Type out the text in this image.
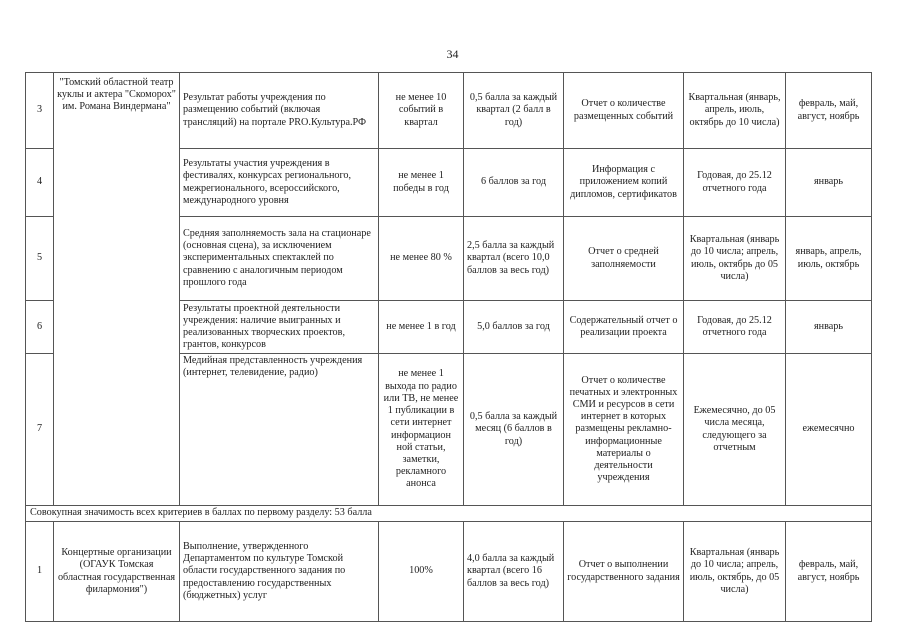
34
3	"Томский областной театр куклы и актера "Скоморох" им. Романа Виндермана"	Результат работы учреждения по размещению событий (включая трансляций) на портале PRO.Культура.РФ	не менее 10 событий в квартал	0,5 балла за каждый квартал (2 балл в год)	Отчет о количестве размещенных событий	Квартальная (январь, апрель, июль, октябрь до 10 числа)	февраль, май, август, ноябрь
4		Результаты участия учреждения в фестивалях, конкурсах регионального, межрегионального, всероссийского, международного уровня	не менее 1 победы в год	6 баллов за год	Информация с приложением копий дипломов, сертификатов	Годовая, до 25.12 отчетного года	январь
5		Средняя заполняемость зала на стационаре (основная сцена), за исключением экспериментальных спектаклей по сравнению с аналогичным периодом прошлого года	не менее 80 %	2,5 балла за каждый квартал (всего 10,0 баллов за весь год)	Отчет о средней заполняемости	Квартальная (январь до 10 числа; апрель, июль, октябрь до 05 числа)	январь, апрель, июль, октябрь
6		Результаты проектной деятельности учреждения: наличие выигранных и реализованных творческих проектов, грантов, конкурсов	не менее 1 в год	5,0 баллов за год	Содержательный отчет о реализации проекта	Годовая, до 25.12 отчетного года	январь
7		Медийная представленность учреждения (интернет, телевидение, радио)	не менее 1 выхода по радио или ТВ, не менее 1 публикации в сети интернет информацион ной статьи, заметки, рекламного анонса	0,5 балла за каждый месяц (6 баллов в год)	Отчет о количестве печатных и электронных СМИ и ресурсов в сети интернет в которых размещены рекламно-информационные материалы о деятельности учреждения	Ежемесячно, до 05 числа месяца, следующего за отчетным	ежемесячно
Совокупная значимость всех критериев в баллах по первому разделу: 53 балла							
1	Концертные организации (ОГАУК Томская областная государственная филармония")	Выполнение, утвержденного Департаментом по культуре Томской области государственного задания по предоставлению государственных (бюджетных) услуг	100%	4,0 балла за каждый квартал (всего 16 баллов за весь год)	Отчет о выполнении государственного задания	Квартальная (январь до 10 числа; апрель, июль, октябрь, до 05 числа)	февраль, май, август, ноябрь
